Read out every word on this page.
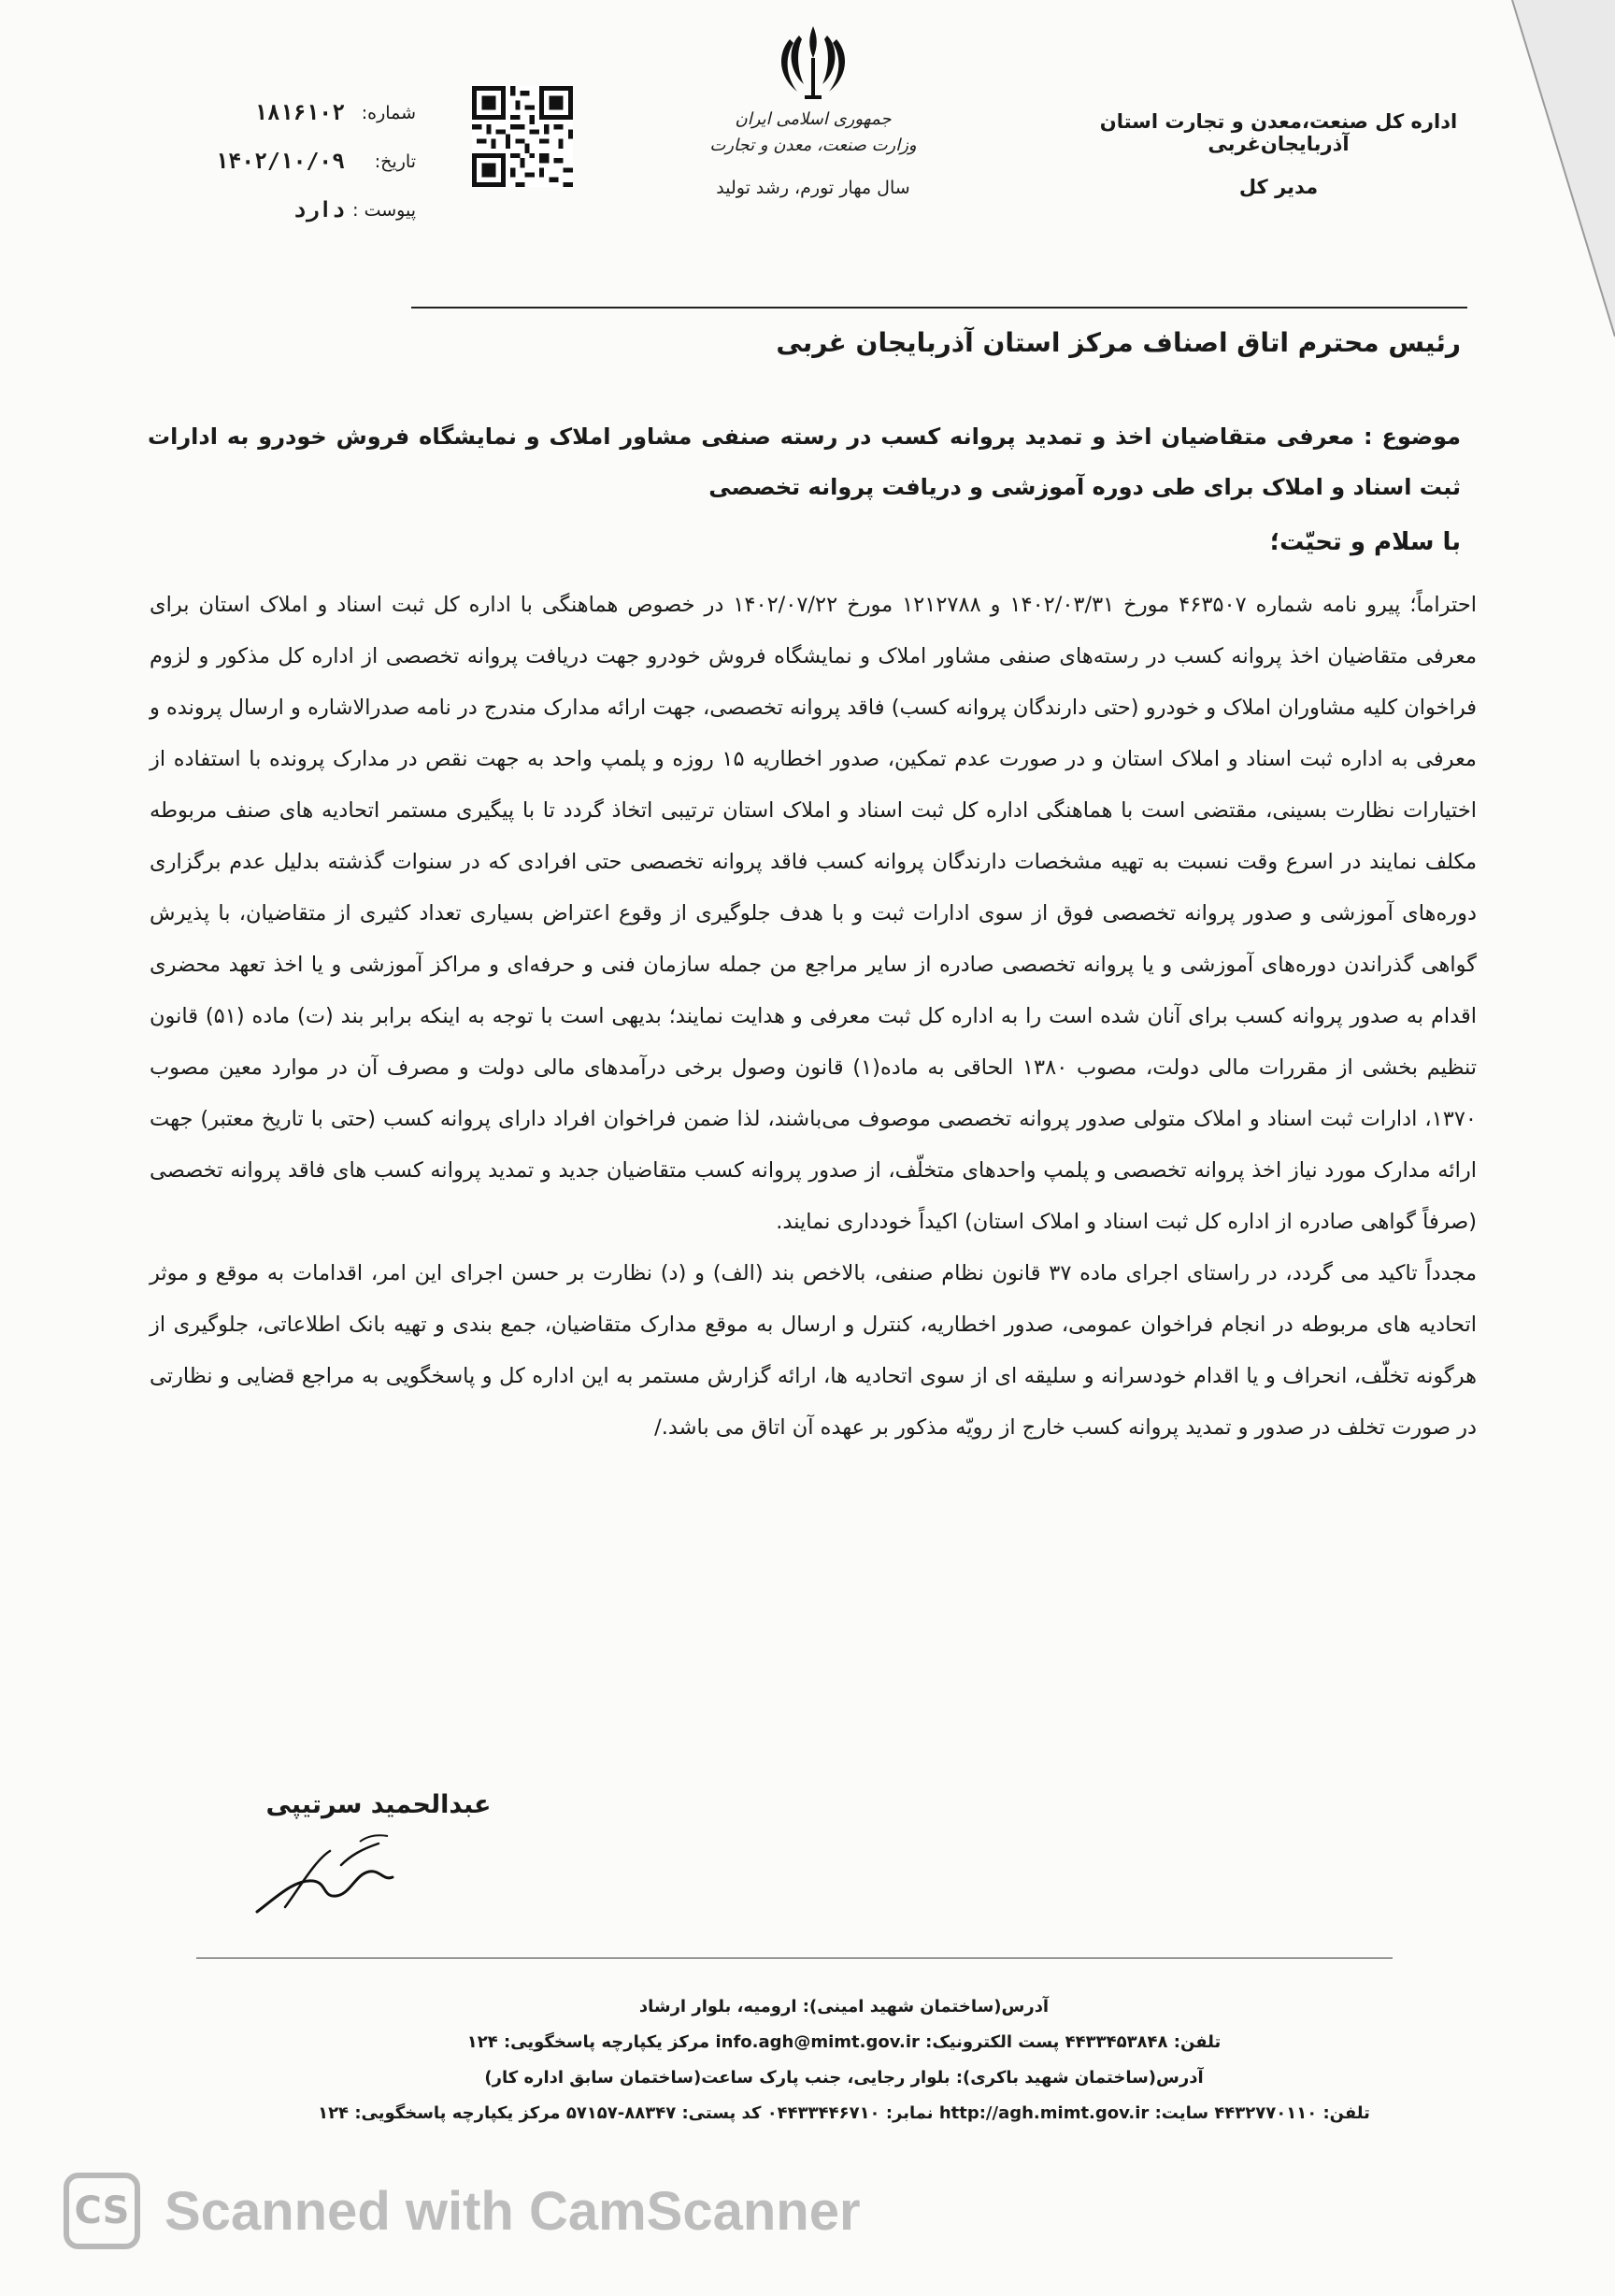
اداره کل صنعت،معدن و تجارت استان آذربایجان‌غربی
مدیر کل
جمهوری اسلامی ایران
وزارت صنعت، معدن و تجارت
سال مهار تورم، رشد تولید
شماره:
۱۸۱۶۱۰۲
تاریخ:
۱۴۰۲/۱۰/۰۹
پیوست :
دارد
رئیس محترم اتاق اصناف مرکز استان آذربایجان غربی
موضوع : معرفی متقاضیان اخذ و تمدید پروانه کسب در رسته صنفی مشاور املاک و نمایشگاه فروش خودرو به ادارات ثبت اسناد و املاک برای طی دوره آموزشی و دریافت پروانه تخصصی
با سلام و تحیّت؛

احتراماً؛ پیرو نامه شماره ۴۶۳۵۰۷ مورخ ۱۴۰۲/۰۳/۳۱ و ۱۲۱۲۷۸۸ مورخ ۱۴۰۲/۰۷/۲۲ در خصوص هماهنگی با اداره کل ثبت اسناد و املاک استان برای معرفی متقاضیان اخذ پروانه کسب در رسته‌های صنفی مشاور املاک و نمایشگاه فروش خودرو جهت دریافت پروانه تخصصی از اداره کل مذکور و لزوم فراخوان کلیه مشاوران املاک و خودرو (حتی دارندگان پروانه کسب) فاقد پروانه تخصصی، جهت ارائه مدارک مندرج در نامه صدرالاشاره و ارسال پرونده و معرفی به اداره ثبت اسناد و املاک استان و در صورت عدم تمکین، صدور اخطاریه ۱۵ روزه و پلمپ واحد به جهت نقص در مدارک پرونده با استفاده از اختیارات نظارت بسینی، مقتضی است با هماهنگی اداره کل ثبت اسناد و املاک استان ترتیبی اتخاذ گردد تا با پیگیری مستمر اتحادیه های صنف مربوطه مکلف نمایند در اسرع وقت نسبت به تهیه مشخصات دارندگان پروانه کسب فاقد پروانه تخصصی حتی افرادی که در سنوات گذشته بدلیل عدم برگزاری دوره‌های آموزشی و صدور پروانه تخصصی فوق از سوی ادارات ثبت و با هدف جلوگیری از وقوع اعتراض بسیاری تعداد کثیری از متقاضیان، با پذیرش گواهی گذراندن دوره‌های آموزشی و یا پروانه تخصصی صادره از سایر مراجع من جمله سازمان فنی و حرفه‌ای و مراکز آموزشی و یا اخذ تعهد محضری اقدام به صدور پروانه کسب برای آنان شده است را به اداره کل ثبت معرفی و هدایت نمایند؛ بدیهی است با توجه به اینکه برابر بند (ت) ماده (۵۱) قانون تنظیم بخشی از مقررات مالی دولت، مصوب ۱۳۸۰ الحاقی به ماده(۱) قانون وصول برخی درآمدهای مالی دولت و مصرف آن در موارد معین مصوب ۱۳۷۰، ادارات ثبت اسناد و املاک متولی صدور پروانه تخصصی موصوف می‌باشند، لذا ضمن فراخوان افراد دارای پروانه کسب (حتی با تاریخ معتبر) جهت ارائه مدارک مورد نیاز اخذ پروانه تخصصی و پلمپ واحدهای متخلّف، از صدور پروانه کسب متقاضیان جدید و تمدید پروانه کسب های فاقد پروانه تخصصی (صرفاً گواهی صادره از اداره کل ثبت اسناد و املاک استان) اکیداً خودداری نمایند.

مجدداً تاکید می گردد، در راستای اجرای ماده ۳۷ قانون نظام صنفی، بالاخص بند (الف) و (د) نظارت بر حسن اجرای این امر، اقدامات به موقع و موثر اتحادیه های مربوطه در انجام فراخوان عمومی، صدور اخطاریه، کنترل و ارسال به موقع مدارک متقاضیان، جمع بندی و تهیه بانک اطلاعاتی، جلوگیری از هرگونه تخلّف، انحراف و یا اقدام خودسرانه و سلیقه ای از سوی اتحادیه ها، ارائه گزارش مستمر به این اداره کل و پاسخگویی به مراجع قضایی و نظارتی در صورت تخلف در صدور و تمدید پروانه کسب خارج از رویّه مذکور بر عهده آن اتاق می باشد./

عبدالحمید سرتیپی
آدرس(ساختمان شهید امینی): ارومیه، بلوار ارشاد
تلفن: ۴۴۳۳۴۵۳۸۴۸ پست الکترونیک: info.agh@mimt.gov.ir مرکز یکپارچه پاسخگویی: ۱۲۴
آدرس(ساختمان شهید باکری): بلوار رجایی، جنب پارک ساعت(ساختمان سابق اداره کار)
تلفن: ۴۴۳۲۷۷۰۱۱۰ سایت: http://agh.mimt.gov.ir نمابر: ۰۴۴۳۳۴۴۶۷۱۰ کد پستی: ۸۸۳۴۷-۵۷۱۵۷ مرکز یکپارچه پاسخگویی: ۱۲۴
CS Scanned with CamScanner
